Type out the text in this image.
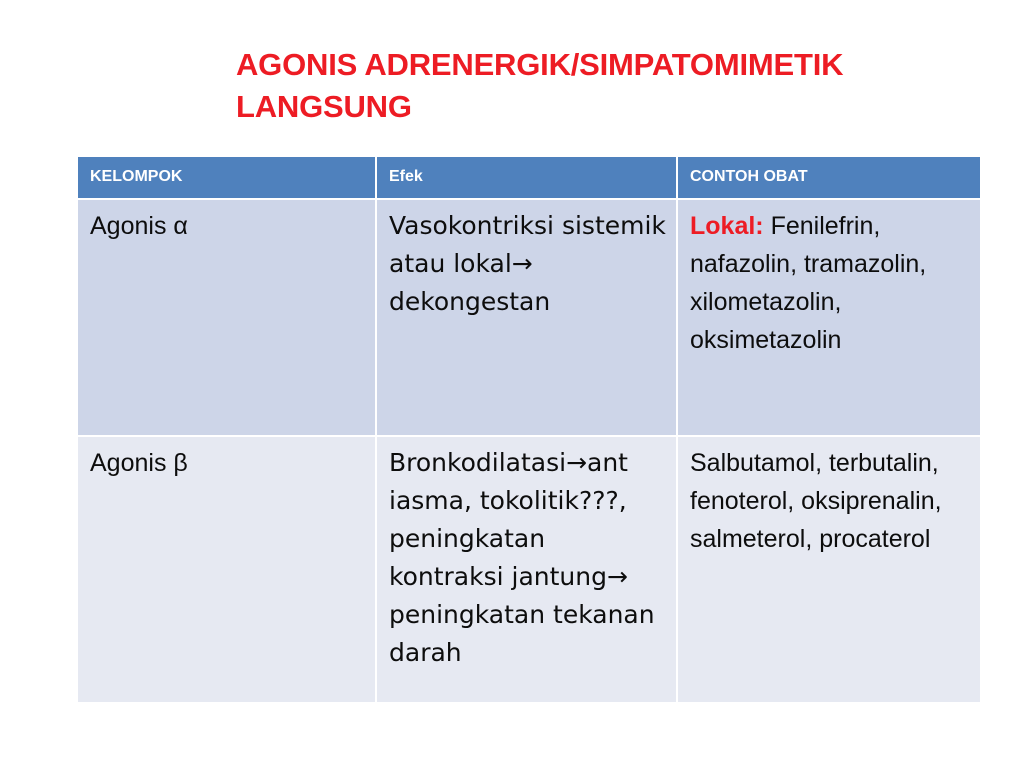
AGONIS ADRENERGIK/SIMPATOMIMETIK LANGSUNG
KELOMPOK	Efek	CONTOH OBAT

Agonis α	Vasokontriksi sistemik atau lokal→ dekongestan	Lokal: Fenilefrin, nafazolin, tramazolin, xilometazolin, oksimetazolin

Agonis β	Bronkodilatasi→ant iasma, tokolitik???, peningkatan kontraksi jantung→ peningkatan tekanan darah	Salbutamol, terbutalin, fenoterol, oksiprenalin, salmeterol, procaterol
